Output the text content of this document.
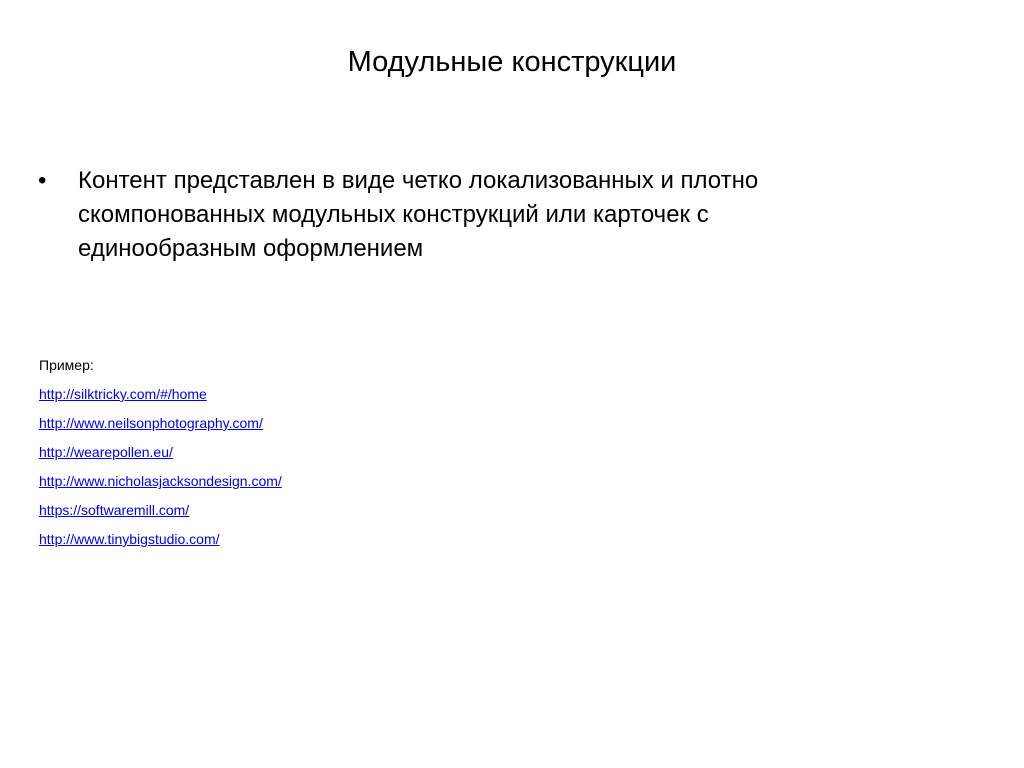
Модульные конструкции
• Контент представлен в виде четко локализованных и плотно скомпонованных модульных конструкций или карточек с единообразным оформлением

Пример:

http://silktricky.com/#/home
http://www.neilsonphotography.com/
http://wearepollen.eu/
http://www.nicholasjacksondesign.com/
https://softwaremill.com/
http://www.tinybigstudio.com/
